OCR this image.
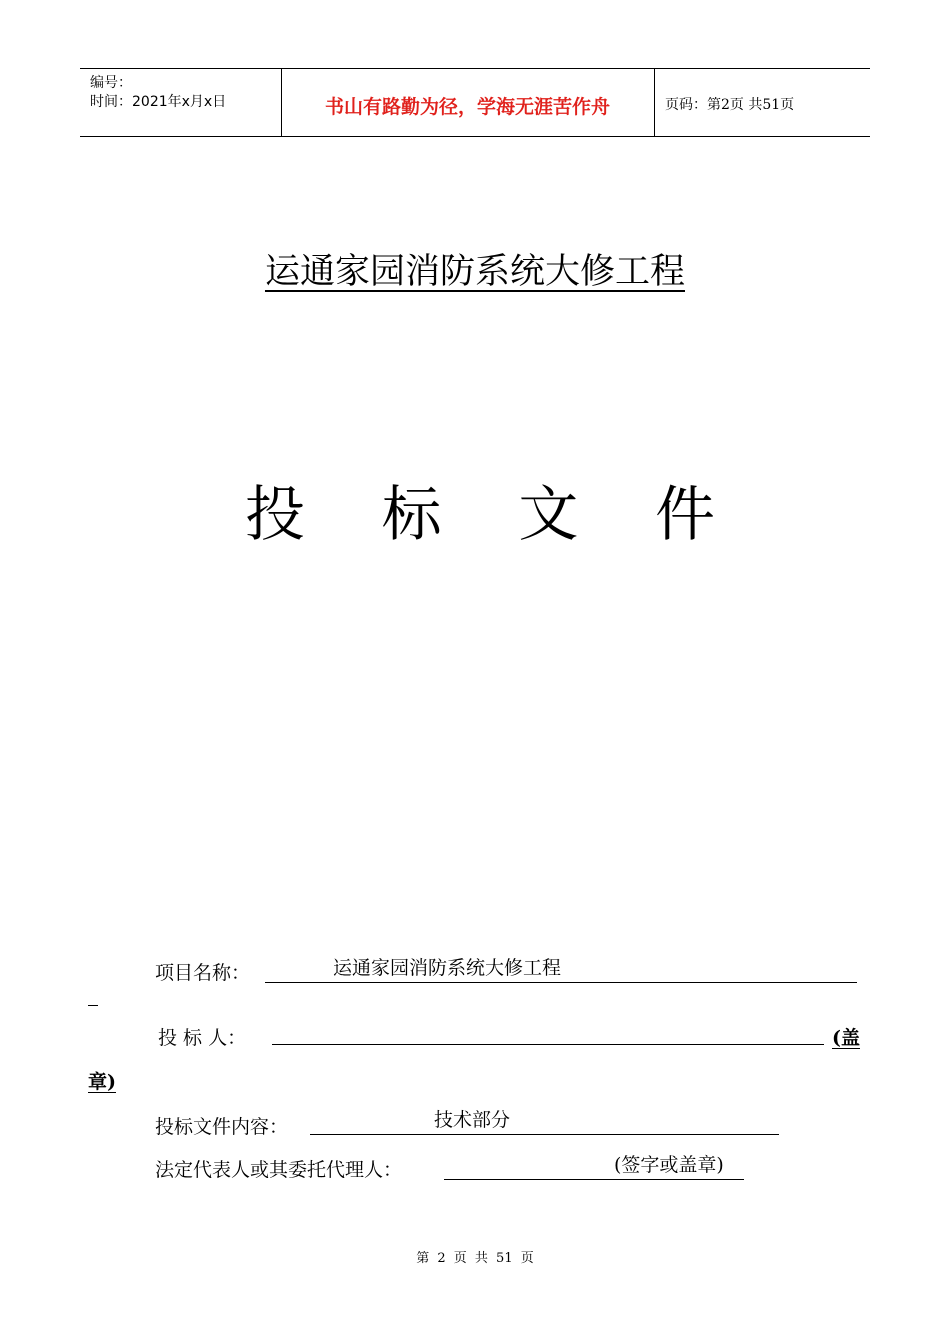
编号：
时间：2021年x月x日	书山有路勤为径，学海无涯苦作舟	页码：第2页 共51页
运通家园消防系统大修工程
投 标 文 件
项目名称：	运通家园消防系统大修工程
投 标 人：	(盖
章)
投标文件内容：	技术部分
法定代表人或其委托代理人：	(签字或盖章)
第 2 页 共 51 页
